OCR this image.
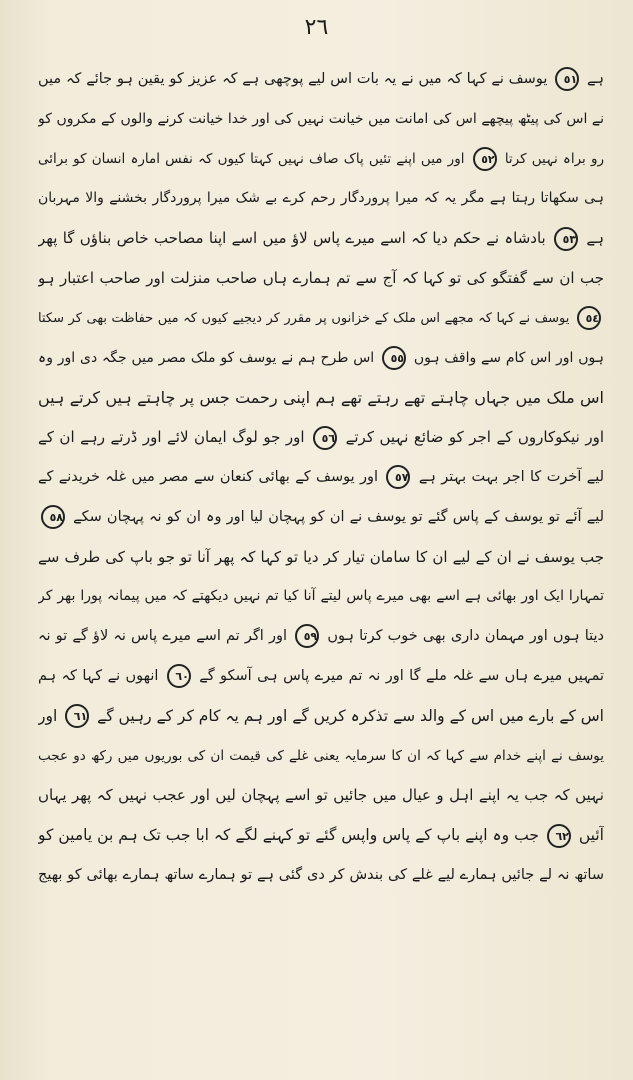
٢٦
ہے ٥١ یوسف نے کہا کہ میں نے یہ بات اس لیے پوچھی ہے کہ عزیز کو یقین ہو جائے کہ میں
نے اس کی پیٹھ پیچھے اس کی امانت میں خیانت نہیں کی اور خدا خیانت کرنے والوں کے مکروں کو
رو براہ نہیں کرتا ٥٢ اور میں اپنے تئیں پاک صاف نہیں کہتا کیوں کہ نفس امارہ انسان کو برائی
ہی سکھاتا رہتا ہے مگر یہ کہ میرا پروردگار رحم کرے بے شک میرا پروردگار بخشنے والا مہربان
ہے ٥٣ بادشاہ نے حکم دیا کہ اسے میرے پاس لاؤ میں اسے اپنا مصاحب خاص بناؤں گا پھر
جب ان سے گفتگو کی تو کہا کہ آج سے تم ہمارے ہاں صاحب منزلت اور صاحب اعتبار ہو
٥٤ یوسف نے کہا کہ مجھے اس ملک کے خزانوں پر مقرر کر دیجیے کیوں کہ میں حفاظت بھی کر سکتا
ہوں اور اس کام سے واقف ہوں ٥٥ اس طرح ہم نے یوسف کو ملک مصر میں جگہ دی اور وہ
اس ملک میں جہاں چاہتے تھے رہتے تھے ہم اپنی رحمت جس پر چاہتے ہیں کرتے ہیں
اور نیکوکاروں کے اجر کو ضائع نہیں کرتے ٥٦ اور جو لوگ ایمان لائے اور ڈرتے رہے ان کے
لیے آخرت کا اجر بہت بہتر ہے ٥٧ اور یوسف کے بھائی کنعان سے مصر میں غلہ خریدنے کے
لیے آئے تو یوسف کے پاس گئے تو یوسف نے ان کو پہچان لیا اور وہ ان کو نہ پہچان سکے ٥٨
جب یوسف نے ان کے لیے ان کا سامان تیار کر دیا تو کہا کہ پھر آنا تو جو باپ کی طرف سے
تمہارا ایک اور بھائی ہے اسے بھی میرے پاس لیتے آنا کیا تم نہیں دیکھتے کہ میں پیمانہ پورا بھر کر
دیتا ہوں اور مہمان داری بھی خوب کرتا ہوں ٥٩ اور اگر تم اسے میرے پاس نہ لاؤ گے تو نہ
تمہیں میرے ہاں سے غلہ ملے گا اور نہ تم میرے پاس ہی آسکو گے ٦٠ انھوں نے کہا کہ ہم
اس کے بارے میں اس کے والد سے تذکرہ کریں گے اور ہم یہ کام کر کے رہیں گے ٦١ اور
یوسف نے اپنے خدام سے کہا کہ ان کا سرمایہ یعنی غلے کی قیمت ان کی بوریوں میں رکھ دو عجب
نہیں کہ جب یہ اپنے اہل و عیال میں جائیں تو اسے پہچان لیں اور عجب نہیں کہ پھر یہاں
آئیں ٦٢ جب وہ اپنے باپ کے پاس واپس گئے تو کہنے لگے کہ ابا جب تک ہم بن یامین کو
ساتھ نہ لے جائیں ہمارے لیے غلے کی بندش کر دی گئی ہے تو ہمارے ساتھ ہمارے بھائی کو بھیج
